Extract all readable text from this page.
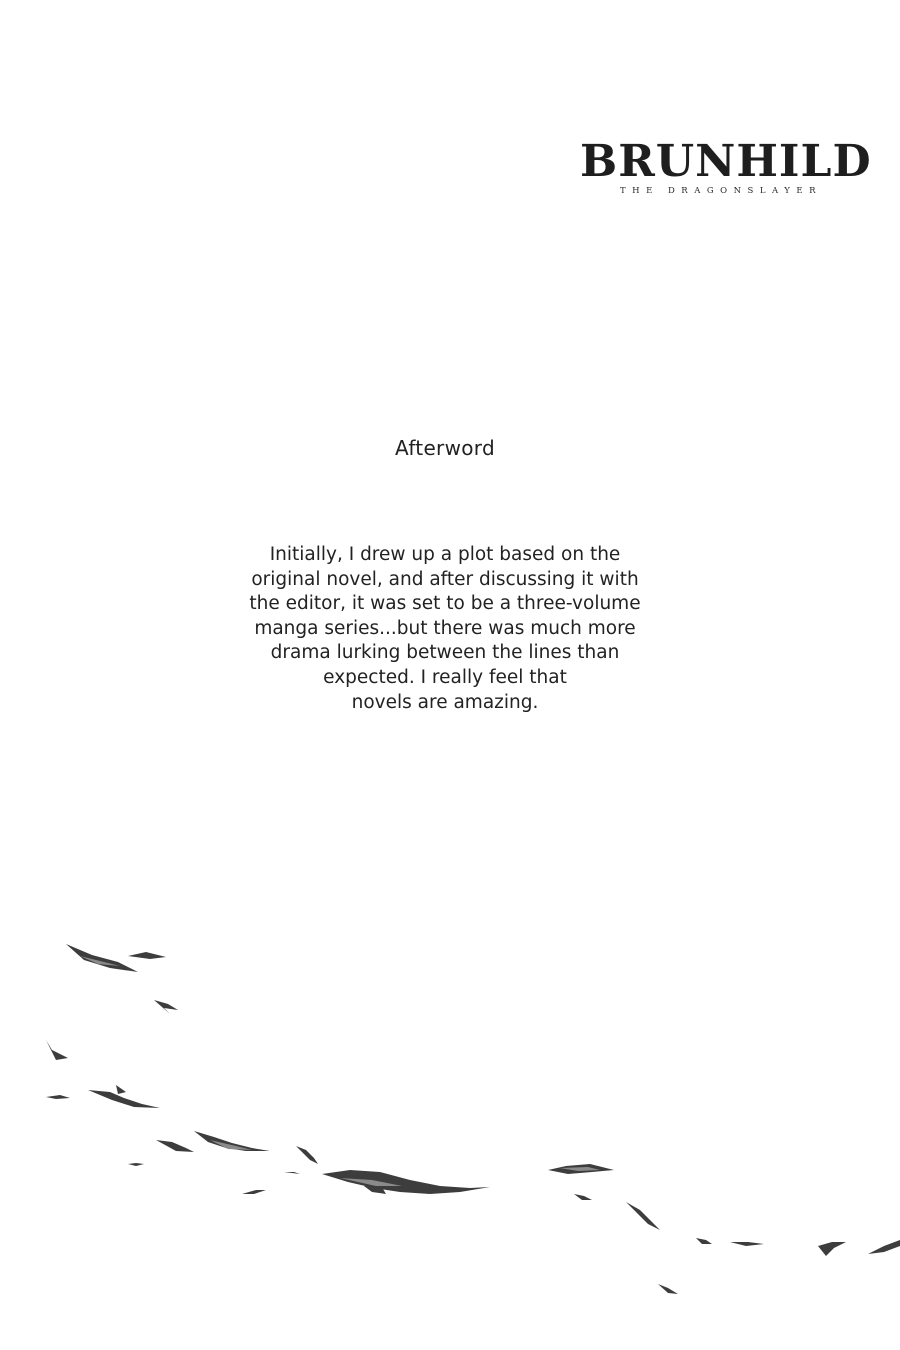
BRUNHILD
THE DRAGONSLAYER
Afterword
Initially, I drew up a plot based on the
original novel, and after discussing it with
the editor, it was set to be a three-volume
manga series...but there was much more
drama lurking between the lines than
expected. I really feel that
novels are amazing.
